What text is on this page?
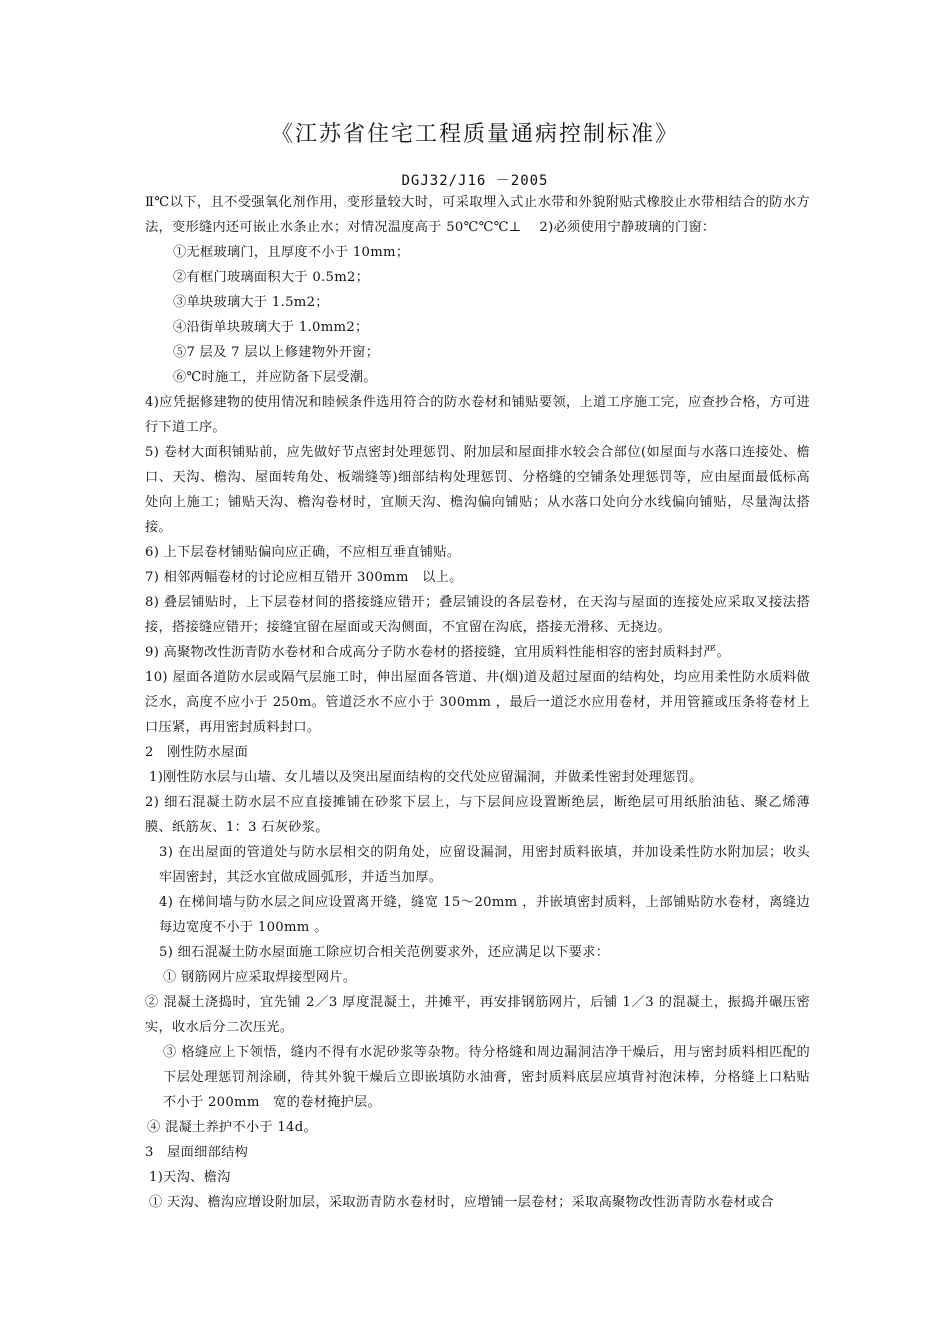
《江苏省住宅工程质量通病控制标准》
DGJ32/J16 －2005

Ⅱ℃以下，且不受强氧化剂作用，变形量较大时，可采取埋入式止水带和外貌附贴式橡胶止水带相结合的防水方法，变形缝内还可嵌止水条止水；对情况温度高于 50℃℃℃⊥　 2)必须使用宁静玻璃的门窗：

①无框玻璃门，且厚度不小于 10mm；

②有框门玻璃面积大于 0.5m2；

③单块玻璃大于 1.5m2；

④沿街单块玻璃大于 1.0mm2；

⑤7 层及 7 层以上修建物外开窗；

⑥℃时施工，并应防备下层受潮。

4)应凭据修建物的使用情况和睦候条件选用符合的防水卷材和铺贴要领，上道工序施工完，应查抄合格，方可进行下道工序。

5) 卷材大面积铺贴前，应先做好节点密封处理惩罚、附加层和屋面排水较会合部位(如屋面与水落口连接处、檐口、天沟、檐沟、屋面转角处、板端缝等)细部结构处理惩罚、分格缝的空铺条处理惩罚等，应由屋面最低标高处向上施工；铺贴天沟、檐沟卷材时，宜顺天沟、檐沟偏向铺贴；从水落口处向分水线偏向铺贴，尽量淘汰搭接。

6) 上下层卷材铺贴偏向应正确，不应相互垂直铺贴。

7) 相邻两幅卷材的讨论应相互错开 300mm　以上。

8) 叠层铺贴时，上下层卷材间的搭接缝应错开；叠层铺设的各层卷材，在天沟与屋面的连接处应采取叉接法搭接，搭接缝应错开；接缝宜留在屋面或天沟侧面，不宜留在沟底，搭接无滑移、无挠边。

9) 高聚物改性沥青防水卷材和合成高分子防水卷材的搭接缝，宜用质料性能相容的密封质料封严。

10) 屋面各道防水层或隔气层施工时，伸出屋面各管道、井(烟)道及超过屋面的结构处，均应用柔性防水质料做泛水，高度不应小于 250m。管道泛水不应小于 300mm ，最后一道泛水应用卷材，并用管箍或压条将卷材上口压紧，再用密封质料封口。

2　刚性防水屋面

1)刚性防水层与山墙、女儿墙以及突出屋面结构的交代处应留漏洞，并做柔性密封处理惩罚。

2) 细石混凝土防水层不应直接摊铺在砂浆下层上，与下层间应设置断绝层，断绝层可用纸胎油毡、聚乙烯薄膜、纸筋灰、1：3 石灰砂浆。

3) 在出屋面的管道处与防水层相交的阴角处，应留设漏洞，用密封质料嵌填，并加设柔性防水附加层；收头牢固密封，其泛水宜做成圆弧形，并适当加厚。

4) 在梯间墙与防水层之间应设置离开缝，缝宽 15～20mm ，并嵌填密封质料，上部铺贴防水卷材，离缝边每边宽度不小于 100mm 。

5) 细石混凝土防水屋面施工除应切合相关范例要求外，还应满足以下要求：

① 钢筋网片应采取焊接型网片。

② 混凝土浇捣时，宜先铺 2／3 厚度混凝土，并摊平，再安排钢筋网片，后铺 1／3 的混凝土，振捣并碾压密实，收水后分二次压光。

③ 格缝应上下领悟，缝内不得有水泥砂浆等杂物。待分格缝和周边漏洞洁净干燥后，用与密封质料相匹配的下层处理惩罚剂涂刷，待其外貌干燥后立即嵌填防水油膏，密封质料底层应填背衬泡沫棒，分格缝上口粘贴不小于 200mm　宽的卷材掩护层。

④ 混凝土养护不小于 14d。

3　屋面细部结构

1)天沟、檐沟

① 天沟、檐沟应增设附加层，采取沥青防水卷材时，应增铺一层卷材；采取高聚物改性沥青防水卷材或合
